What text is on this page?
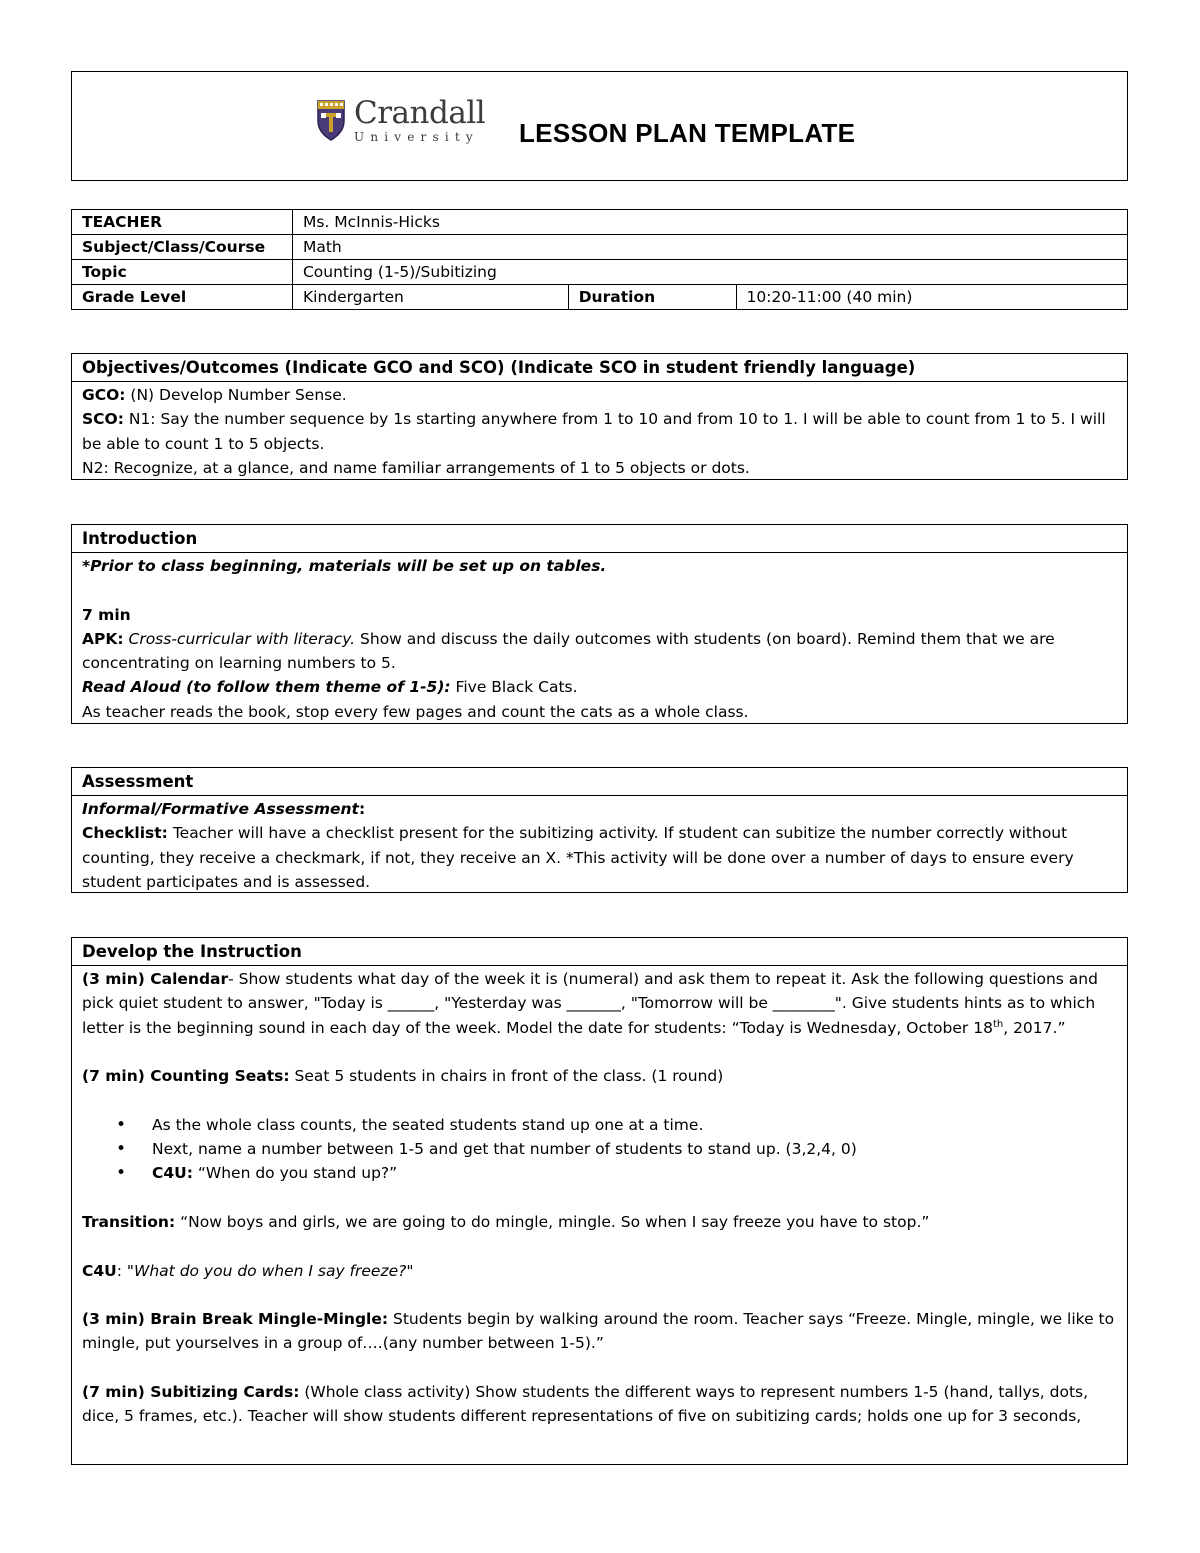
Crandall
University LESSON PLAN TEMPLATE
TEACHER	Ms. McInnis-Hicks		
Subject/Class/Course	Math		
Topic	Counting (1-5)/Subitizing		
Grade Level	Kindergarten	Duration	10:20-11:00 (40 min)
Objectives/Outcomes (Indicate GCO and SCO) (Indicate SCO in student friendly language)

GCO: (N) Develop Number Sense.

SCO: N1: Say the number sequence by 1s starting anywhere from 1 to 10 and from 10 to 1. I will be able to count from 1 to 5. I will be able to count 1 to 5 objects.

N2: Recognize, at a glance, and name familiar arrangements of 1 to 5 objects or dots.

Introduction

*Prior to class beginning, materials will be set up on tables.

7 min

APK: Cross-curricular with literacy. Show and discuss the daily outcomes with students (on board). Remind them that we are concentrating on learning numbers to 5.

Read Aloud (to follow them theme of 1-5): Five Black Cats.

As teacher reads the book, stop every few pages and count the cats as a whole class.

Assessment

Informal/Formative Assessment:

Checklist: Teacher will have a checklist present for the subitizing activity. If student can subitize the number correctly without counting, they receive a checkmark, if not, they receive an X. *This activity will be done over a number of days to ensure every student participates and is assessed.

Develop the Instruction

(3 min) Calendar- Show students what day of the week it is (numeral) and ask them to repeat it. Ask the following questions and pick quiet student to answer, "Today is ______, "Yesterday was _______, "Tomorrow will be ________". Give students hints as to which letter is the beginning sound in each day of the week. Model the date for students: “Today is Wednesday, October 18th, 2017.”

(7 min) Counting Seats: Seat 5 students in chairs in front of the class. (1 round)

• As the whole class counts, the seated students stand up one at a time.
• Next, name a number between 1-5 and get that number of students to stand up. (3,2,4, 0)
• C4U: “When do you stand up?”

Transition: “Now boys and girls, we are going to do mingle, mingle. So when I say freeze you have to stop.”

C4U: "What do you do when I say freeze?"

(3 min) Brain Break Mingle-Mingle: Students begin by walking around the room. Teacher says “Freeze. Mingle, mingle, we like to mingle, put yourselves in a group of….(any number between 1-5).”

(7 min) Subitizing Cards: (Whole class activity) Show students the different ways to represent numbers 1-5 (hand, tallys, dots, dice, 5 frames, etc.). Teacher will show students different representations of five on subitizing cards; holds one up for 3 seconds,
